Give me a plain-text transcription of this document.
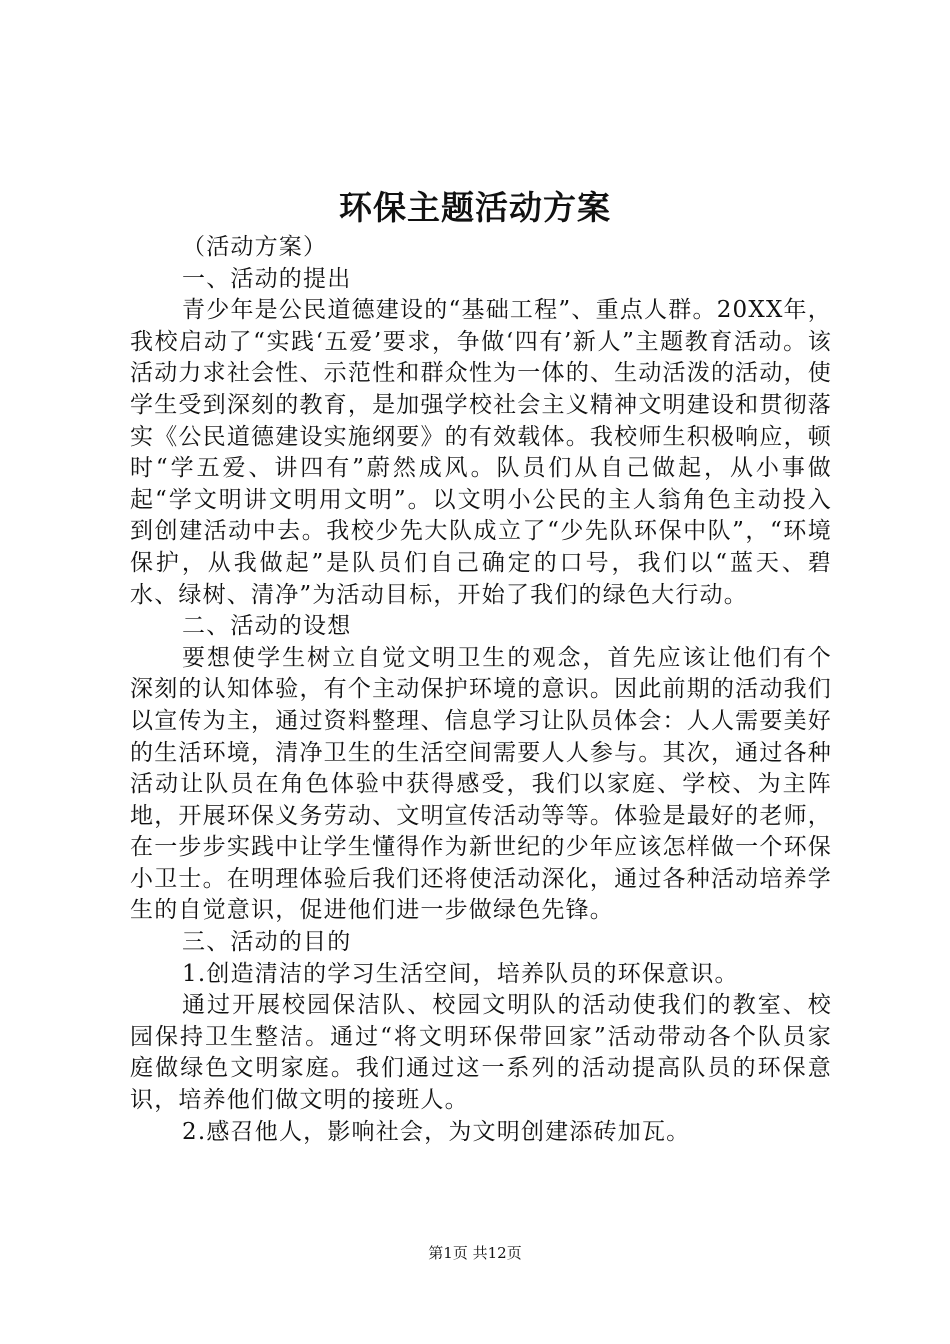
环保主题活动方案

（活动方案）

一、活动的提出

青少年是公民道德建设的“基础工程”、重点人群。20XX年，我校启动了“实践‘五爱’要求，争做‘四有’新人”主题教育活动。该活动力求社会性、示范性和群众性为一体的、生动活泼的活动，使学生受到深刻的教育，是加强学校社会主义精神文明建设和贯彻落实《公民道德建设实施纲要》的有效载体。我校师生积极响应，顿时“学五爱、讲四有”蔚然成风。队员们从自己做起，从小事做起“学文明讲文明用文明”。以文明小公民的主人翁角色主动投入到创建活动中去。我校少先大队成立了“少先队环保中队”，“环境保护，从我做起”是队员们自己确定的口号，我们以“蓝天、碧水、绿树、清净”为活动目标，开始了我们的绿色大行动。

二、活动的设想

要想使学生树立自觉文明卫生的观念，首先应该让他们有个深刻的认知体验，有个主动保护环境的意识。因此前期的活动我们以宣传为主，通过资料整理、信息学习让队员体会：人人需要美好的生活环境，清净卫生的生活空间需要人人参与。其次，通过各种活动让队员在角色体验中获得感受，我们以家庭、学校、为主阵地，开展环保义务劳动、文明宣传活动等等。体验是最好的老师，在一步步实践中让学生懂得作为新世纪的少年应该怎样做一个环保小卫士。在明理体验后我们还将使活动深化，通过各种活动培养学生的自觉意识，促进他们进一步做绿色先锋。

三、活动的目的

1.创造清洁的学习生活空间，培养队员的环保意识。

通过开展校园保洁队、校园文明队的活动使我们的教室、校园保持卫生整洁。通过“将文明环保带回家”活动带动各个队员家庭做绿色文明家庭。我们通过这一系列的活动提高队员的环保意识，培养他们做文明的接班人。

2.感召他人，影响社会，为文明创建添砖加瓦。

第1页 共12页
